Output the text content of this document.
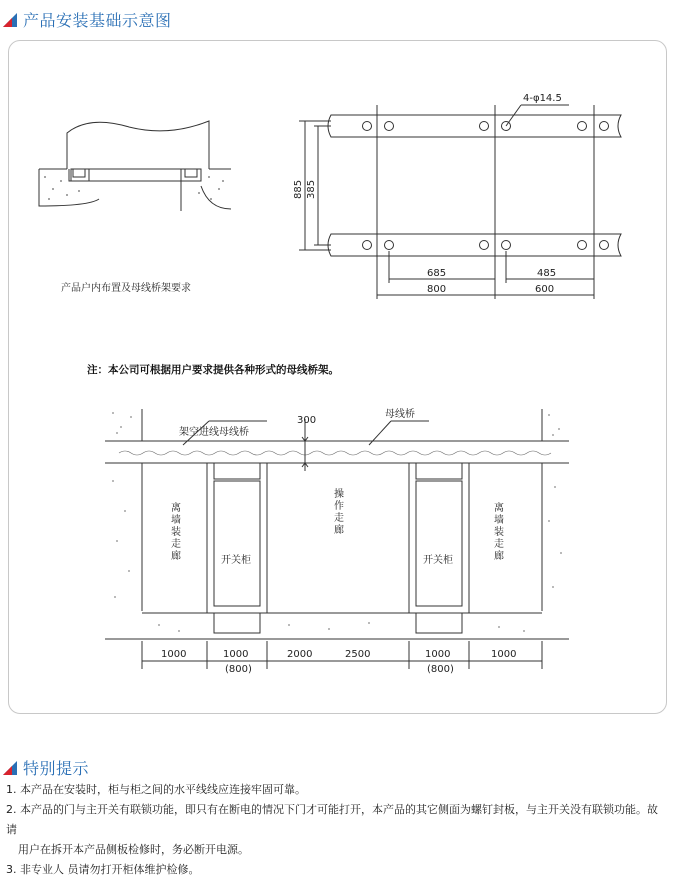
产品安装基础示意图
产品户内布置及母线桥架要求
4-φ14.5
885 385
685	485
800	600
注：本公司可根据用户要求提供各种形式的母线桥架。
架空进线母线桥
300
母线桥
离墙装走廊
操作走廊
离墙装走廊
开关柜	开关柜
1000	1000
(800)
2000	2500	1000
(800)
1000
特别提示

1. 本产品在安装时，柜与柜之间的水平线线应连接牢固可靠。

2. 本产品的门与主开关有联锁功能，即只有在断电的情况下门才可能打开，本产品的其它侧面为螺钉封板，与主开关没有联锁功能。故请

用户在拆开本产品侧板检修时，务必断开电源。

3. 非专业人 员请勿打开柜体维护检修。
